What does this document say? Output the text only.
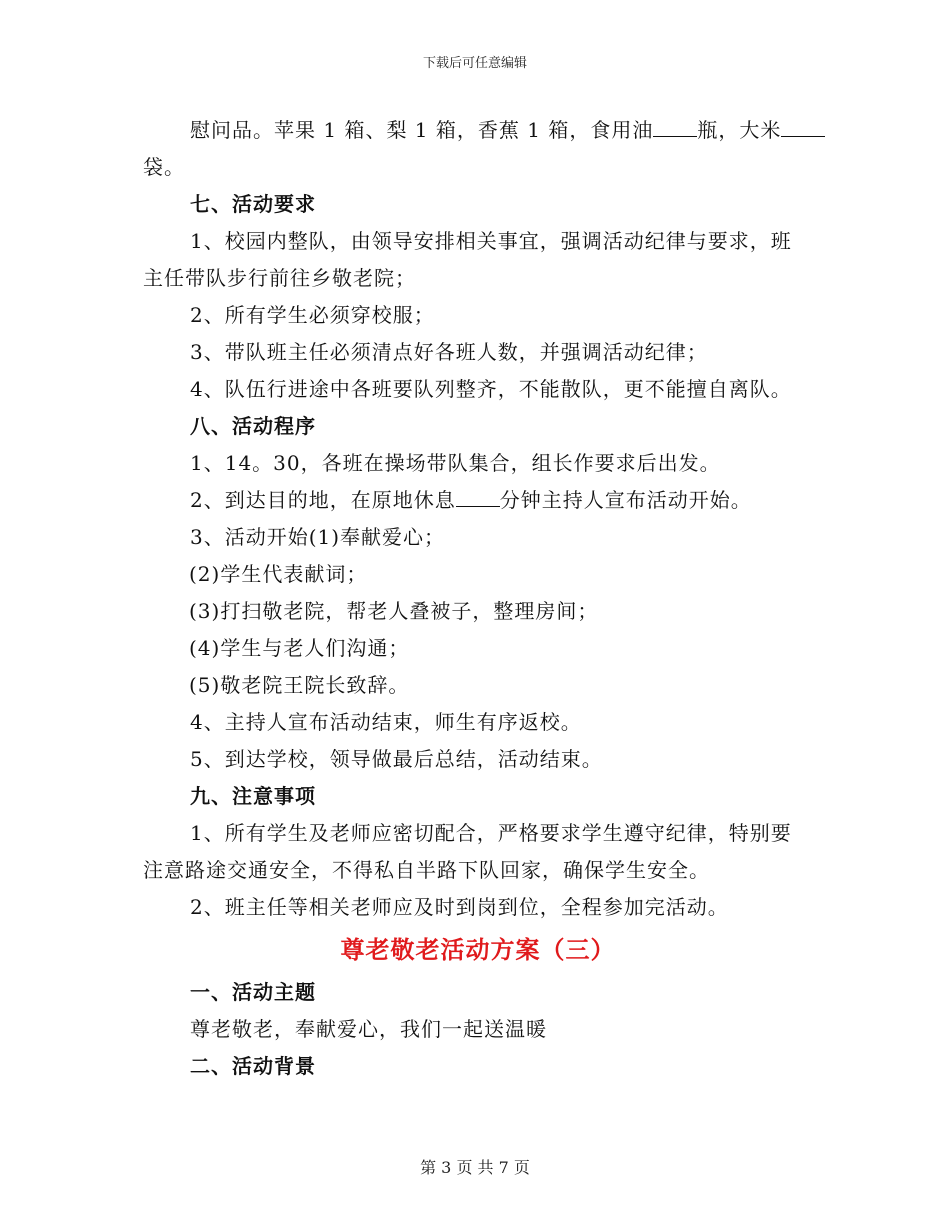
下载后可任意编辑
慰问品。苹果 1 箱、梨 1 箱，香蕉 1 箱，食用油 瓶，大米
袋。
七、活动要求
1、校园内整队，由领导安排相关事宜，强调活动纪律与要求，班
主任带队步行前往乡敬老院；
2、所有学生必须穿校服；
3、带队班主任必须清点好各班人数，并强调活动纪律；
4、队伍行进途中各班要队列整齐，不能散队，更不能擅自离队。
八、活动程序
1、14。30，各班在操场带队集合，组长作要求后出发。
2、到达目的地，在原地休息 分钟主持人宣布活动开始。
3、活动开始(1)奉献爱心；
(2)学生代表献词；
(3)打扫敬老院，帮老人叠被子，整理房间；
(4)学生与老人们沟通；
(5)敬老院王院长致辞。
4、主持人宣布活动结束，师生有序返校。
5、到达学校，领导做最后总结，活动结束。
九、注意事项
1、所有学生及老师应密切配合，严格要求学生遵守纪律，特别要
注意路途交通安全，不得私自半路下队回家，确保学生安全。
2、班主任等相关老师应及时到岗到位，全程参加完活动。
尊老敬老活动方案（三）
一、活动主题
尊老敬老，奉献爱心，我们一起送温暖
二、活动背景
第 3 页 共 7 页
